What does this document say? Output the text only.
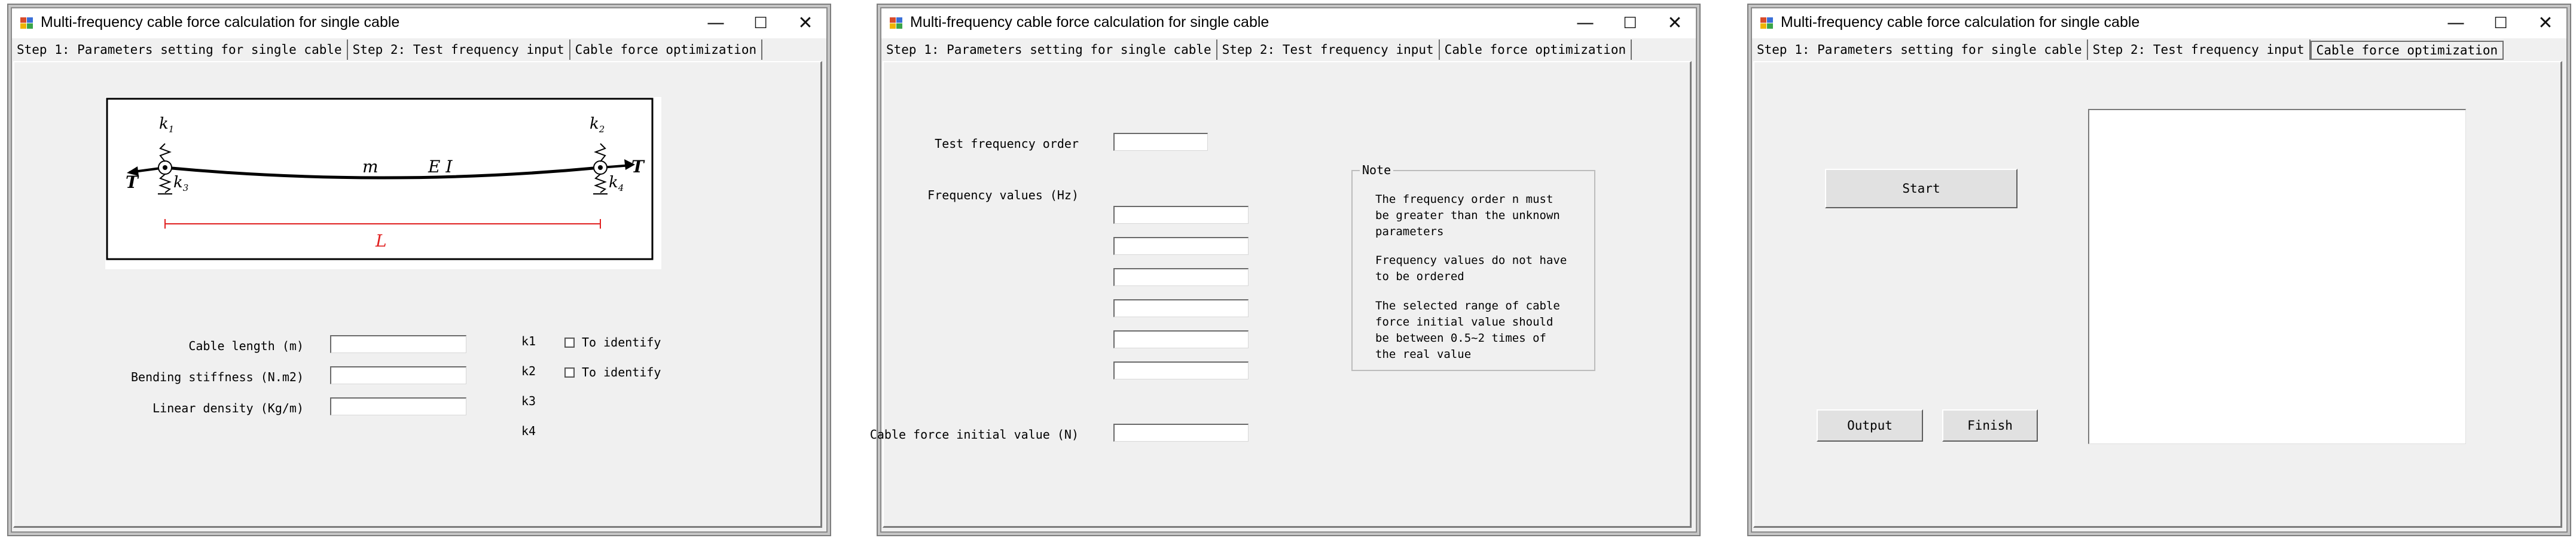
Multi-frequency cable force calculation for single cable	—	☐	✕
Step 1: Parameters setting for single cable Step 2: Test frequency input Cable force optimization
$k_1$	$k_2$
$k_3$	$k_4$
T
T
m	E I
L
Cable length (m)
Bending stiffness (N.m2)
Linear density (Kg/m)
k1
k2
k3
k4
To identify
To identify
Multi-frequency cable force calculation for single cable	—	☐	✕
Step 1: Parameters setting for single cable Step 2: Test frequency input Cable force optimization
Test frequency order
Frequency values (Hz)
Cable force initial value (N)
Note
The frequency order n must
be greater than the unknown
parameters
Frequency values do not have
to be ordered
The selected range of cable
force initial value should
be between 0.5~2 times of
the real value
Multi-frequency cable force calculation for single cable	—	☐	✕
Step 1: Parameters setting for single cable Step 2: Test frequency input Cable force optimization
Start
Output	Finish
